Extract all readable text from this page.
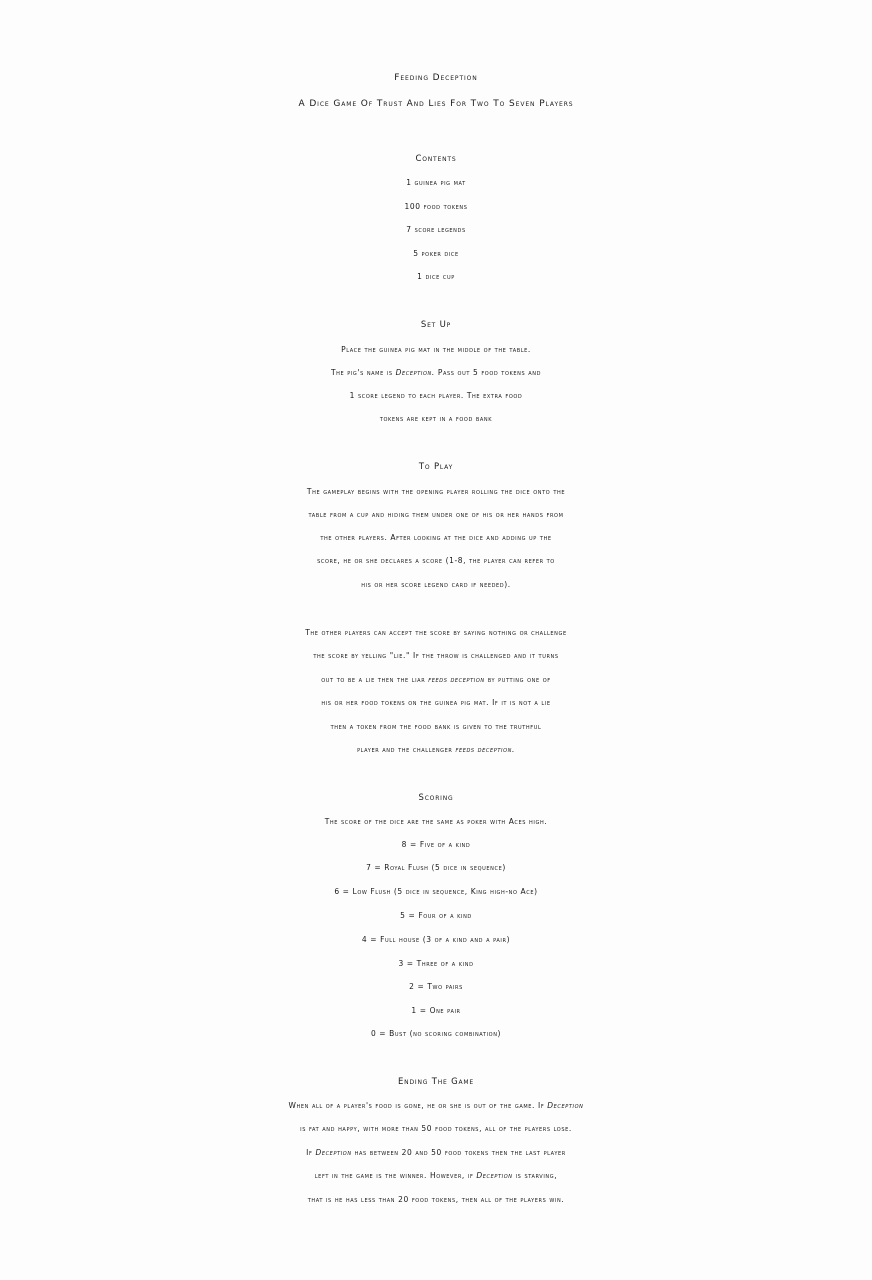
Feeding Deception
A Dice Game Of Trust And Lies For Two To Seven Players
Contents
1 guinea pig mat
100 food tokens
7 score legends
5 poker dice
1 dice cup
Set Up
Place the guinea pig mat in the middle of the table.
The pig's name is Deception. Pass out 5 food tokens and
1 score legend to each player. The extra food
tokens are kept in a food bank
To Play
The gameplay begins with the opening player rolling the dice onto the
table from a cup and hiding them under one of his or her hands from
the other players. After looking at the dice and adding up the
score, he or she declares a score (1-8, the player can refer to
his or her score legend card if needed).
The other players can accept the score by saying nothing or challenge
the score by yelling "lie." If the throw is challenged and it turns
out to be a lie then the liar feeds deception by putting one of
his or her food tokens on the guinea pig mat. If it is not a lie
then a token from the food bank is given to the truthful
player and the challenger feeds deception.
Scoring
The score of the dice are the same as poker with Aces high.
8 = Five of a kind
7 = Royal Flush (5 dice in sequence)
6 = Low Flush (5 dice in sequence, King high-no Ace)
5 = Four of a kind
4 = Full house (3 of a kind and a pair)
3 = Three of a kind
2 = Two pairs
1 = One pair
0 = Bust (no scoring combination)
Ending The Game
When all of a player's food is gone, he or she is out of the game. If Deception
is fat and happy, with more than 50 food tokens, all of the players lose.
If Deception has between 20 and 50 food tokens then the last player
left in the game is the winner. However, if Deception is starving,
that is he has less than 20 food tokens, then all of the players win.
